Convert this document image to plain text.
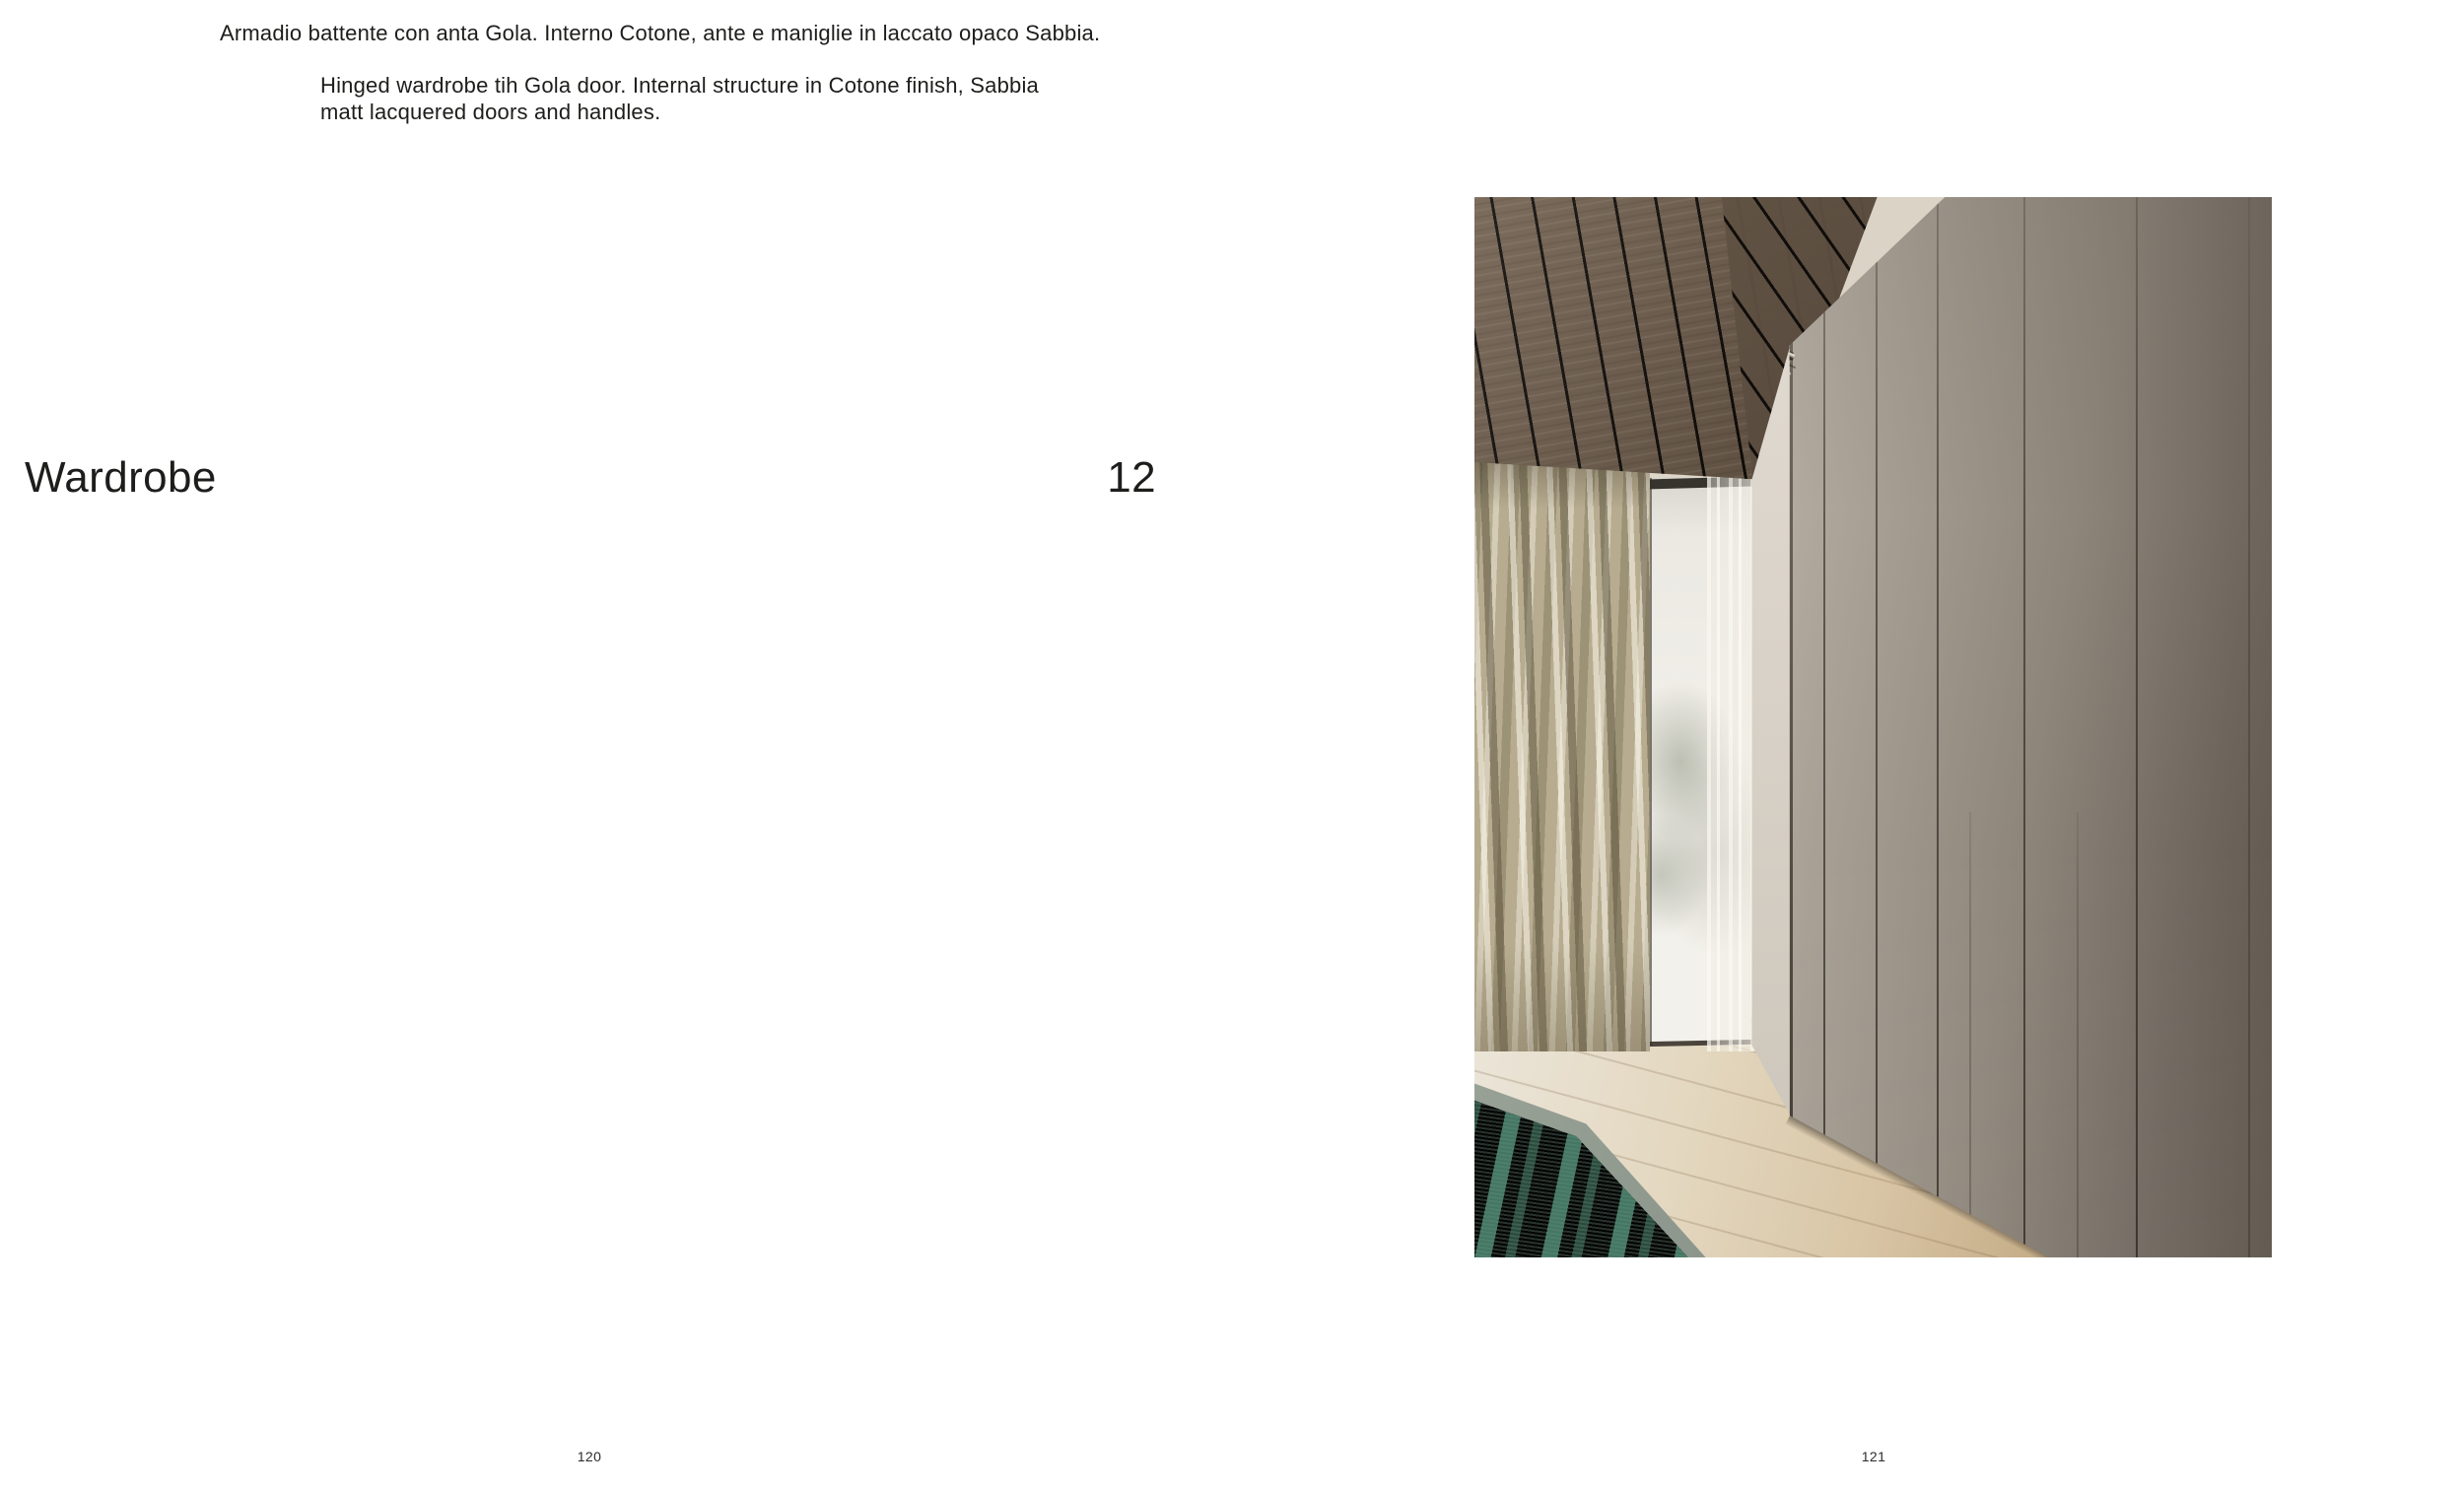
Armadio battente con anta Gola. Interno Cotone, ante e maniglie in laccato opaco Sabbia.
Hinged wardrobe tih Gola door. Internal structure in Cotone finish, Sabbia
matt lacquered doors and handles.
Wardrobe	12
120	121
